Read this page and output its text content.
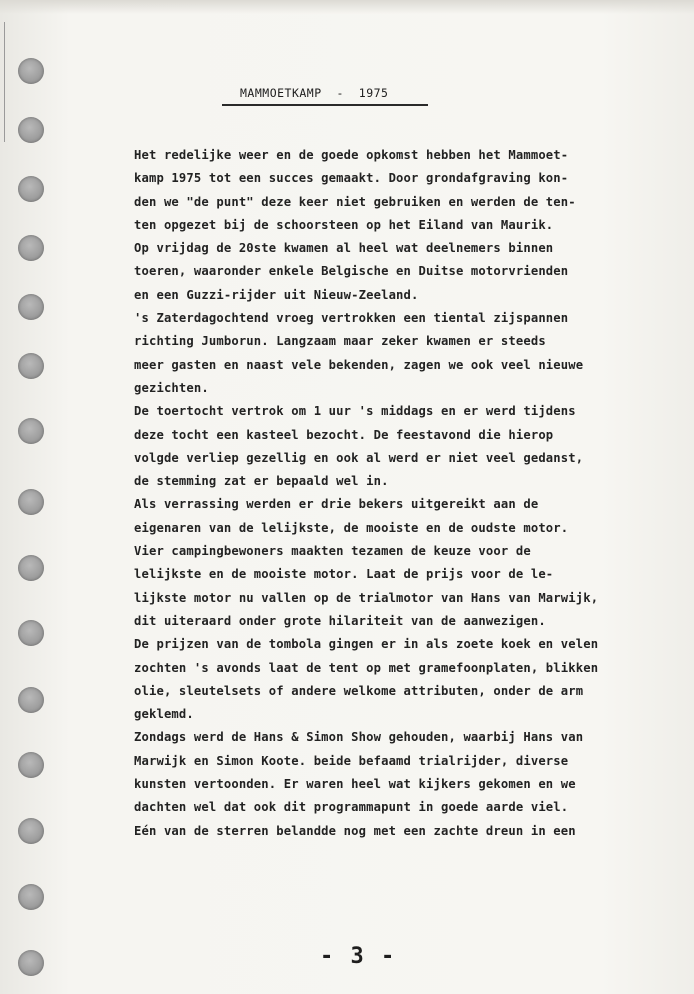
MAMMOETKAMP  -  1975
Het redelijke weer en de goede opkomst hebben het Mammoet-
kamp 1975 tot een succes gemaakt. Door grondafgraving kon-
den we "de punt" deze keer niet gebruiken en werden de ten-
ten opgezet bij de schoorsteen op het Eiland van Maurik.
Op vrijdag de 20ste kwamen al heel wat deelnemers binnen
toeren, waaronder enkele Belgische en Duitse motorvrienden
en een Guzzi-rijder uit Nieuw-Zeeland.
's Zaterdagochtend vroeg vertrokken een tiental zijspannen
richting Jumborun. Langzaam maar zeker kwamen er steeds
meer gasten en naast vele bekenden, zagen we ook veel nieuwe
gezichten.
De toertocht vertrok om 1 uur 's middags en er werd tijdens
deze tocht een kasteel bezocht. De feestavond die hierop
volgde verliep gezellig en ook al werd er niet veel gedanst,
de stemming zat er bepaald wel in.
Als verrassing werden er drie bekers uitgereikt aan de
eigenaren van de lelijkste, de mooiste en de oudste motor.
Vier campingbewoners maakten tezamen de keuze voor de
lelijkste en de mooiste motor. Laat de prijs voor de le-
lijkste motor nu vallen op de trialmotor van Hans van Marwijk,
dit uiteraard onder grote hilariteit van de aanwezigen.
De prijzen van de tombola gingen er in als zoete koek en velen
zochten 's avonds laat de tent op met gramefoonplaten, blikken
olie, sleutelsets of andere welkome attributen, onder de arm
geklemd.
Zondags werd de Hans & Simon Show gehouden, waarbij Hans van
Marwijk en Simon Koote. beide befaamd trialrijder, diverse
kunsten vertoonden. Er waren heel wat kijkers gekomen en we
dachten wel dat ook dit programmapunt in goede aarde viel.
Eén van de sterren belandde nog met een zachte dreun in een
- 3 -
